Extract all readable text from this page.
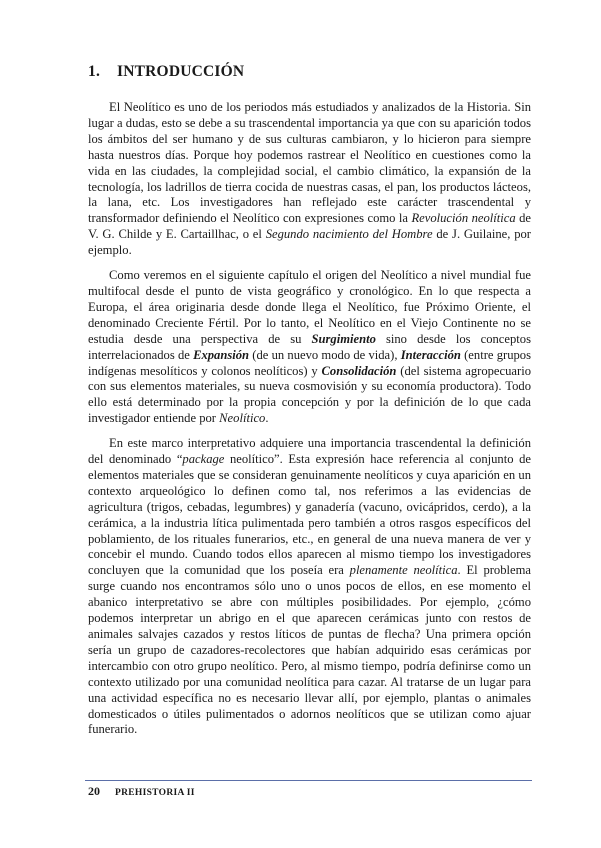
1. INTRODUCCIÓN

El Neolítico es uno de los periodos más estudiados y analizados de la Historia. Sin lugar a dudas, esto se debe a su trascendental importancia ya que con su aparición todos los ámbitos del ser humano y de sus culturas cambiaron, y lo hicieron para siempre hasta nuestros días. Porque hoy podemos rastrear el Neolítico en cuestiones como la vida en las ciudades, la complejidad social, el cambio climático, la expansión de la tecnología, los ladrillos de tierra cocida de nuestras casas, el pan, los productos lácteos, la lana, etc. Los investigadores han reflejado este carácter trascendental y transformador definiendo el Neolítico con expresiones como la Revolución neolítica de V. G. Childe y E. Cartaillhac, o el Segundo nacimiento del Hombre de J. Guilaine, por ejemplo.

Como veremos en el siguiente capítulo el origen del Neolítico a nivel mundial fue multifocal desde el punto de vista geográfico y cronológico. En lo que respecta a Europa, el área originaria desde donde llega el Neolítico, fue Próximo Oriente, el denominado Creciente Fértil. Por lo tanto, el Neolítico en el Viejo Continente no se estudia desde una perspectiva de su Surgimiento sino desde los conceptos interrelacionados de Expansión (de un nuevo modo de vida), Interacción (entre grupos indígenas mesolíticos y colonos neolíticos) y Consolidación (del sistema agropecuario con sus elementos materiales, su nueva cosmovisión y su economía productora). Todo ello está determinado por la propia concepción y por la definición de lo que cada investigador entiende por Neolítico.

En este marco interpretativo adquiere una importancia trascendental la definición del denominado “package neolítico”. Esta expresión hace referencia al conjunto de elementos materiales que se consideran genuinamente neolíticos y cuya aparición en un contexto arqueológico lo definen como tal, nos referimos a las evidencias de agricultura (trigos, cebadas, legumbres) y ganadería (vacuno, ovicápridos, cerdo), a la cerámica, a la industria lítica pulimentada pero también a otros rasgos específicos del poblamiento, de los rituales funerarios, etc., en general de una nueva manera de ver y concebir el mundo. Cuando todos ellos aparecen al mismo tiempo los investigadores concluyen que la comunidad que los poseía era plenamente neolítica. El problema surge cuando nos encontramos sólo uno o unos pocos de ellos, en ese momento el abanico interpretativo se abre con múltiples posibilidades. Por ejemplo, ¿cómo podemos interpretar un abrigo en el que aparecen cerámicas junto con restos de animales salvajes cazados y restos líticos de puntas de flecha? Una primera opción sería un grupo de cazadores-recolectores que habían adquirido esas cerámicas por intercambio con otro grupo neolítico. Pero, al mismo tiempo, podría definirse como un contexto utilizado por una comunidad neolítica para cazar. Al tratarse de un lugar para una actividad específica no es necesario llevar allí, por ejemplo, plantas o animales domesticados o útiles pulimentados o adornos neolíticos que se utilizan como ajuar funerario.

20 PREHISTORIA II
